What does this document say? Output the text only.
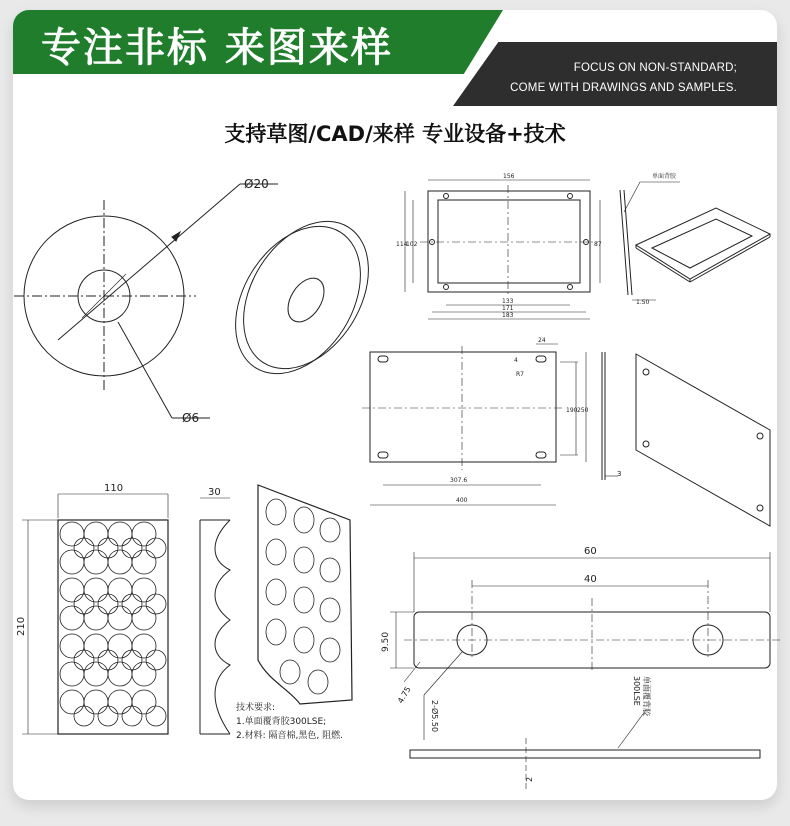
专注非标 来图来样	FOCUS ON NON-STANDARD;
COME WITH DRAWINGS AND SAMPLES.
支持草图/CAD/来样 专业设备+技术
Ø20
Ø6
156
114
102	87
133
171
183
单面背胶
1.50
24
4
R7
190 250
307.6
400
3
110	30
210
技术要求:
1.单面覆背胶300LSE;
2.材料: 隔音棉,黑色, 阻燃.
60
40
9.50
4.75
2-Ø5.50
单面覆背胶
300LSE
2
